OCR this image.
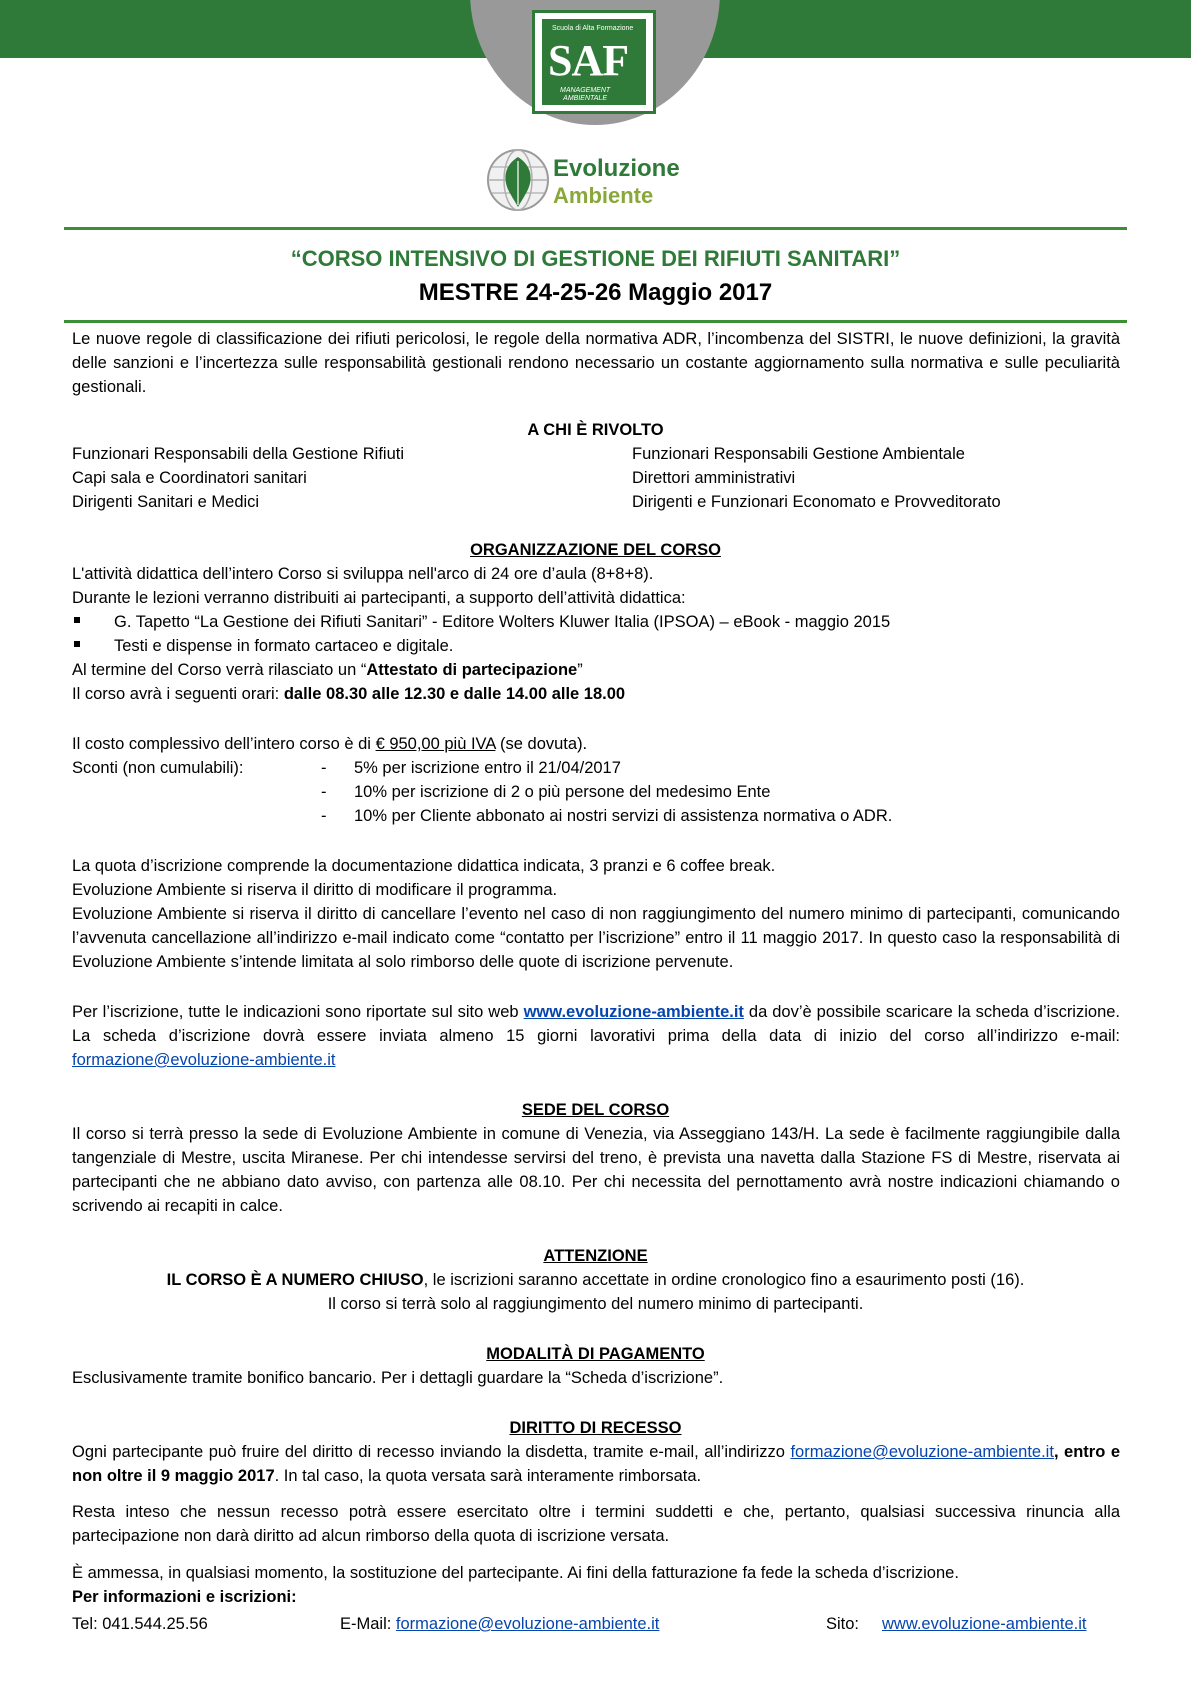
Scuola di Alta Formazione
SAF
MANAGEMENT
AMBIENTALE
Evoluzione
Ambiente
“CORSO INTENSIVO DI GESTIONE DEI RIFIUTI SANITARI”
MESTRE 24-25-26 Maggio 2017
Le nuove regole di classificazione dei rifiuti pericolosi, le regole della normativa ADR, l’incombenza del SISTRI, le nuove definizioni, la gravità delle sanzioni e l’incertezza sulle responsabilità gestionali rendono necessario un costante aggiornamento sulla normativa e sulle peculiarità gestionali.
A CHI È RIVOLTO
Funzionari Responsabili della Gestione Rifiuti
Capi sala e Coordinatori sanitari
Dirigenti Sanitari e Medici
Funzionari Responsabili Gestione Ambientale
Direttori amministrativi
Dirigenti e Funzionari Economato e Provveditorato
ORGANIZZAZIONE DEL CORSO
L'attività didattica dell’intero Corso si sviluppa nell'arco di 24 ore d’aula (8+8+8).
Durante le lezioni verranno distribuiti ai partecipanti, a supporto dell’attività didattica:
G. Tapetto “La Gestione dei Rifiuti Sanitari” - Editore Wolters Kluwer Italia (IPSOA) – eBook - maggio 2015
Testi e dispense in formato cartaceo e digitale.
Al termine del Corso verrà rilasciato un “Attestato di partecipazione”
Il corso avrà i seguenti orari: dalle 08.30 alle 12.30 e dalle 14.00 alle 18.00
Il costo complessivo dell’intero corso è di € 950,00 più IVA (se dovuta).
Sconti (non cumulabili):	- 5% per iscrizione entro il 21/04/2017
- 10% per iscrizione di 2 o più persone del medesimo Ente
- 10% per Cliente abbonato ai nostri servizi di assistenza normativa o ADR.
La quota d’iscrizione comprende la documentazione didattica indicata, 3 pranzi e 6 coffee break.
Evoluzione Ambiente si riserva il diritto di modificare il programma.
Evoluzione Ambiente si riserva il diritto di cancellare l’evento nel caso di non raggiungimento del numero minimo di partecipanti, comunicando l’avvenuta cancellazione all’indirizzo e-mail indicato come “contatto per l’iscrizione” entro il 11 maggio 2017. In questo caso la responsabilità di Evoluzione Ambiente s’intende limitata al solo rimborso delle quote di iscrizione pervenute.
Per l’iscrizione, tutte le indicazioni sono riportate sul sito web www.evoluzione-ambiente.it da dov’è possibile scaricare la scheda d’iscrizione. La scheda d’iscrizione dovrà essere inviata almeno 15 giorni lavorativi prima della data di inizio del corso all’indirizzo e-mail: formazione@evoluzione-ambiente.it
SEDE DEL CORSO
Il corso si terrà presso la sede di Evoluzione Ambiente in comune di Venezia, via Asseggiano 143/H. La sede è facilmente raggiungibile dalla tangenziale di Mestre, uscita Miranese. Per chi intendesse servirsi del treno, è prevista una navetta dalla Stazione FS di Mestre, riservata ai partecipanti che ne abbiano dato avviso, con partenza alle 08.10. Per chi necessita del pernottamento avrà nostre indicazioni chiamando o scrivendo ai recapiti in calce.
ATTENZIONE
IL CORSO È A NUMERO CHIUSO, le iscrizioni saranno accettate in ordine cronologico fino a esaurimento posti (16).
Il corso si terrà solo al raggiungimento del numero minimo di partecipanti.
MODALITÀ DI PAGAMENTO
Esclusivamente tramite bonifico bancario. Per i dettagli guardare la “Scheda d’iscrizione”.
DIRITTO DI RECESSO
Ogni partecipante può fruire del diritto di recesso inviando la disdetta, tramite e-mail, all’indirizzo formazione@evoluzione-ambiente.it, entro e non oltre il 9 maggio 2017. In tal caso, la quota versata sarà interamente rimborsata.
Resta inteso che nessun recesso potrà essere esercitato oltre i termini suddetti e che, pertanto, qualsiasi successiva rinuncia alla partecipazione non darà diritto ad alcun rimborso della quota di iscrizione versata.
È ammessa, in qualsiasi momento, la sostituzione del partecipante. Ai fini della fatturazione fa fede la scheda d’iscrizione.
Per informazioni e iscrizioni:
Tel: 041.544.25.56	E-Mail: formazione@evoluzione-ambiente.it	Sito: www.evoluzione-ambiente.it
